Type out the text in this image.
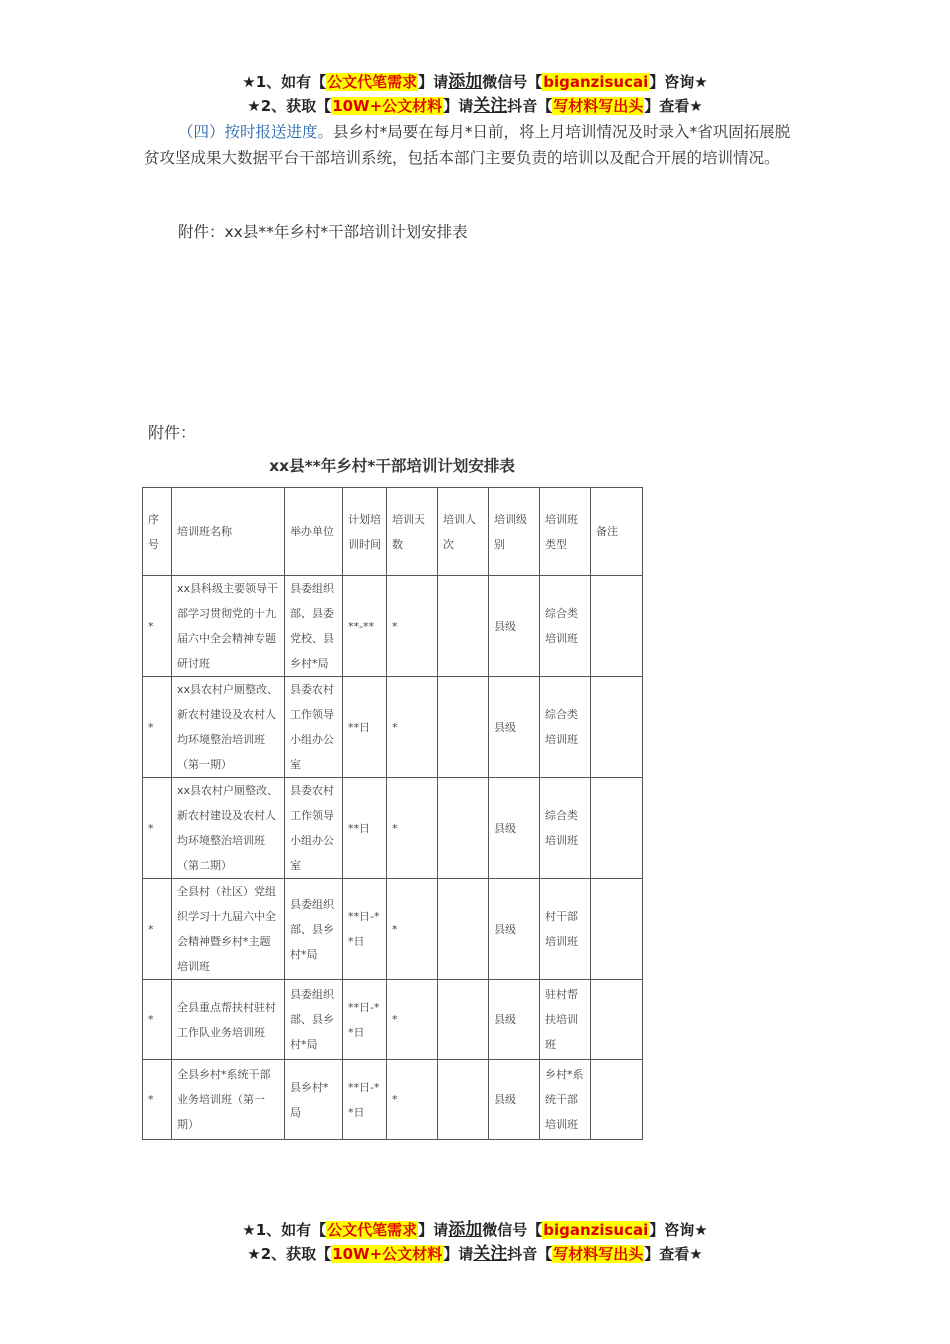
★1、如有【公文代笔需求】请添加微信号【biganzisucai】咨询★
★2、获取【10W+公文材料】请关注抖音【写材料写出头】查看★
（四）按时报送进度。县乡村*局要在每月*日前，将上月培训情况及时录入*省巩固拓展脱贫攻坚成果大数据平台干部培训系统，包括本部门主要负责的培训以及配合开展的培训情况。
附件：xx县**年乡村*干部培训计划安排表
附件：
xx县**年乡村*干部培训计划安排表
序号	培训班名称	举办单位	计划培训时间	培训天数	培训人次	培训级别	培训班类型	备注
*	xx县科级主要领导干部学习贯彻党的十九届六中全会精神专题研讨班	县委组织部、县委党校、县乡村*局	**-**	*		县级	综合类培训班	
*	xx县农村户厕整改、新农村建设及农村人均环境整治培训班（第一期）	县委农村工作领导小组办公室	**日	*		县级	综合类培训班	
*	xx县农村户厕整改、新农村建设及农村人均环境整治培训班（第二期）	县委农村工作领导小组办公室	**日	*		县级	综合类培训班	
*	全县村（社区）党组织学习十九届六中全会精神暨乡村*主题培训班	县委组织部、县乡村*局	**日-**日	*		县级	村干部培训班	
*	全县重点帮扶村驻村工作队业务培训班	县委组织部、县乡村*局	**日-**日	*		县级	驻村帮扶培训班	
*	全县乡村*系统干部业务培训班（第一期）	县乡村*局	**日-**日	*		县级	乡村*系统干部培训班	
★1、如有【公文代笔需求】请添加微信号【biganzisucai】咨询★
★2、获取【10W+公文材料】请关注抖音【写材料写出头】查看★
